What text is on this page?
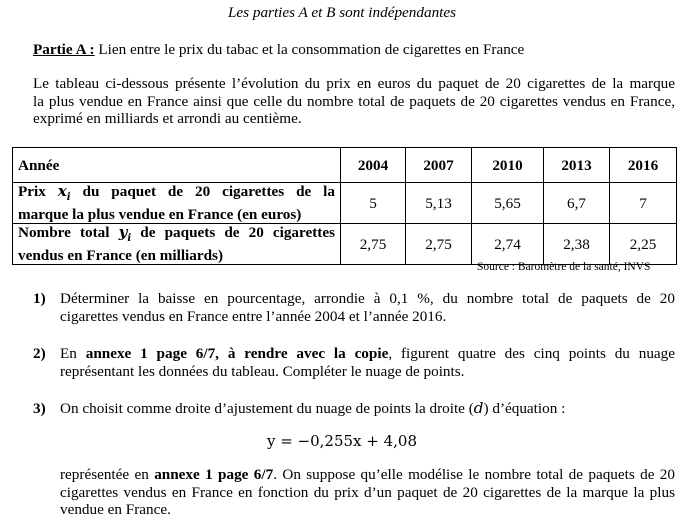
Les parties A et B sont indépendantes
Partie A : Lien entre le prix du tabac et la consommation de cigarettes en France
Le tableau ci-dessous présente l’évolution du prix en euros du paquet de 20 cigarettes de la marque
la plus vendue en France ainsi que celle du nombre total de paquets de 20 cigarettes vendus en France,
exprimé en milliards et arrondi au centième.
Année	2004	2007	2010	2013	2016

Prix $x_i$ du paquet de 20 cigarettes de la
marque la plus vendue en France (en euros)	5	5,13	5,65	6,7	7

Nombre total $y_i$ de paquets de 20 cigarettes
vendus en France (en milliards)	2,75	2,75	2,74	2,38	2,25
Source : Baromètre de la santé, INVS
1) Déterminer la baisse en pourcentage, arrondie à 0,1 %, du nombre total de paquets de 20
cigarettes vendus en France entre l’année 2004 et l’année 2016.
2) En annexe 1 page 6/7, à rendre avec la copie, figurent quatre des cinq points du nuage
représentant les données du tableau. Compléter le nuage de points.
3) On choisit comme droite d’ajustement du nuage de points la droite (d) d’équation :
y = −0,255x + 4,08
représentée en annexe 1 page 6/7. On suppose qu’elle modélise le nombre total de paquets de 20
cigarettes vendus en France en fonction du prix d’un paquet de 20 cigarettes de la marque la plus
vendue en France.
